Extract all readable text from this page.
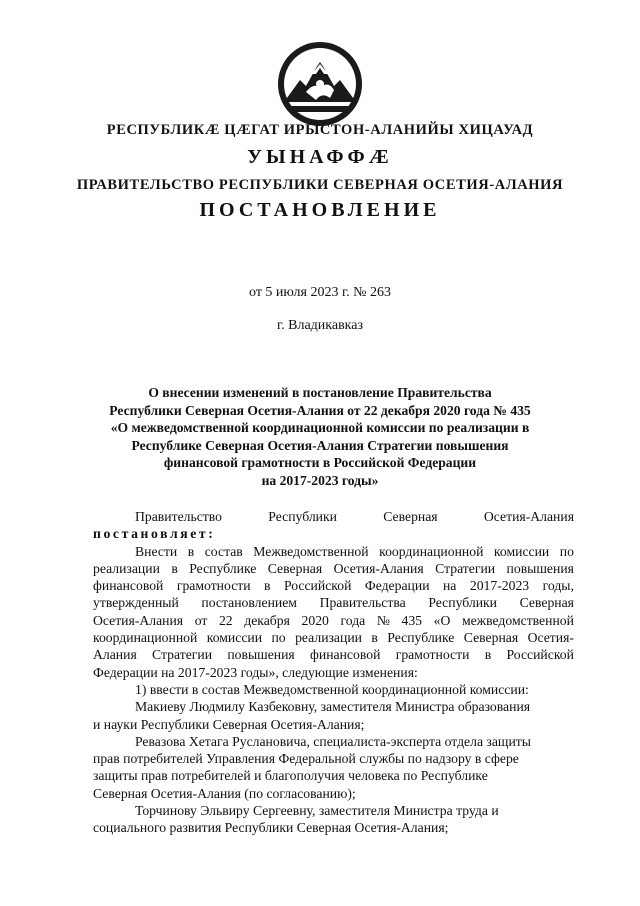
РЕСПУБЛИКӔ ЦӔГАТ ИРЫСТОН-АЛАНИЙЫ ХИЦАУАД
УЫНАФФӔ
ПРАВИТЕЛЬСТВО РЕСПУБЛИКИ СЕВЕРНАЯ ОСЕТИЯ-АЛАНИЯ
ПОСТАНОВЛЕНИЕ
от 5 июля 2023 г. № 263
г. Владикавказ
О внесении изменений в постановление Правительства
Республики Северная Осетия-Алания от 22 декабря 2020 года № 435
«О межведомственной координационной комиссии по реализации в
Республике Северная Осетия-Алания Стратегии повышения
финансовой грамотности в Российской Федерации
на 2017-2023 годы»
Правительство	Республики	Северная	Осетия-Алания
постановляет:
Внести в состав Межведомственной координационной комиссии по
реализации в Республике Северная Осетия-Алания Стратегии повышения
финансовой грамотности в Российской Федерации на 2017-2023 годы,
утвержденный постановлением Правительства Республики Северная
Осетия-Алания от 22 декабря 2020 года № 435 «О межведомственной
координационной комиссии по реализации в Республике Северная Осетия-
Алания Стратегии повышения финансовой грамотности в Российской
Федерации на 2017-2023 годы», следующие изменения:
1) ввести в состав Межведомственной координационной комиссии:
Макиеву Людмилу Казбековну, заместителя Министра образования
и науки Республики Северная Осетия-Алания;
Ревазова Хетага Руслановича, специалиста-эксперта отдела защиты
прав потребителей Управления Федеральной службы по надзору в сфере
защиты прав потребителей и благополучия человека по Республике
Северная Осетия-Алания (по согласованию);
Торчинову Эльвиру Сергеевну, заместителя Министра труда и
социального развития Республики Северная Осетия-Алания;
